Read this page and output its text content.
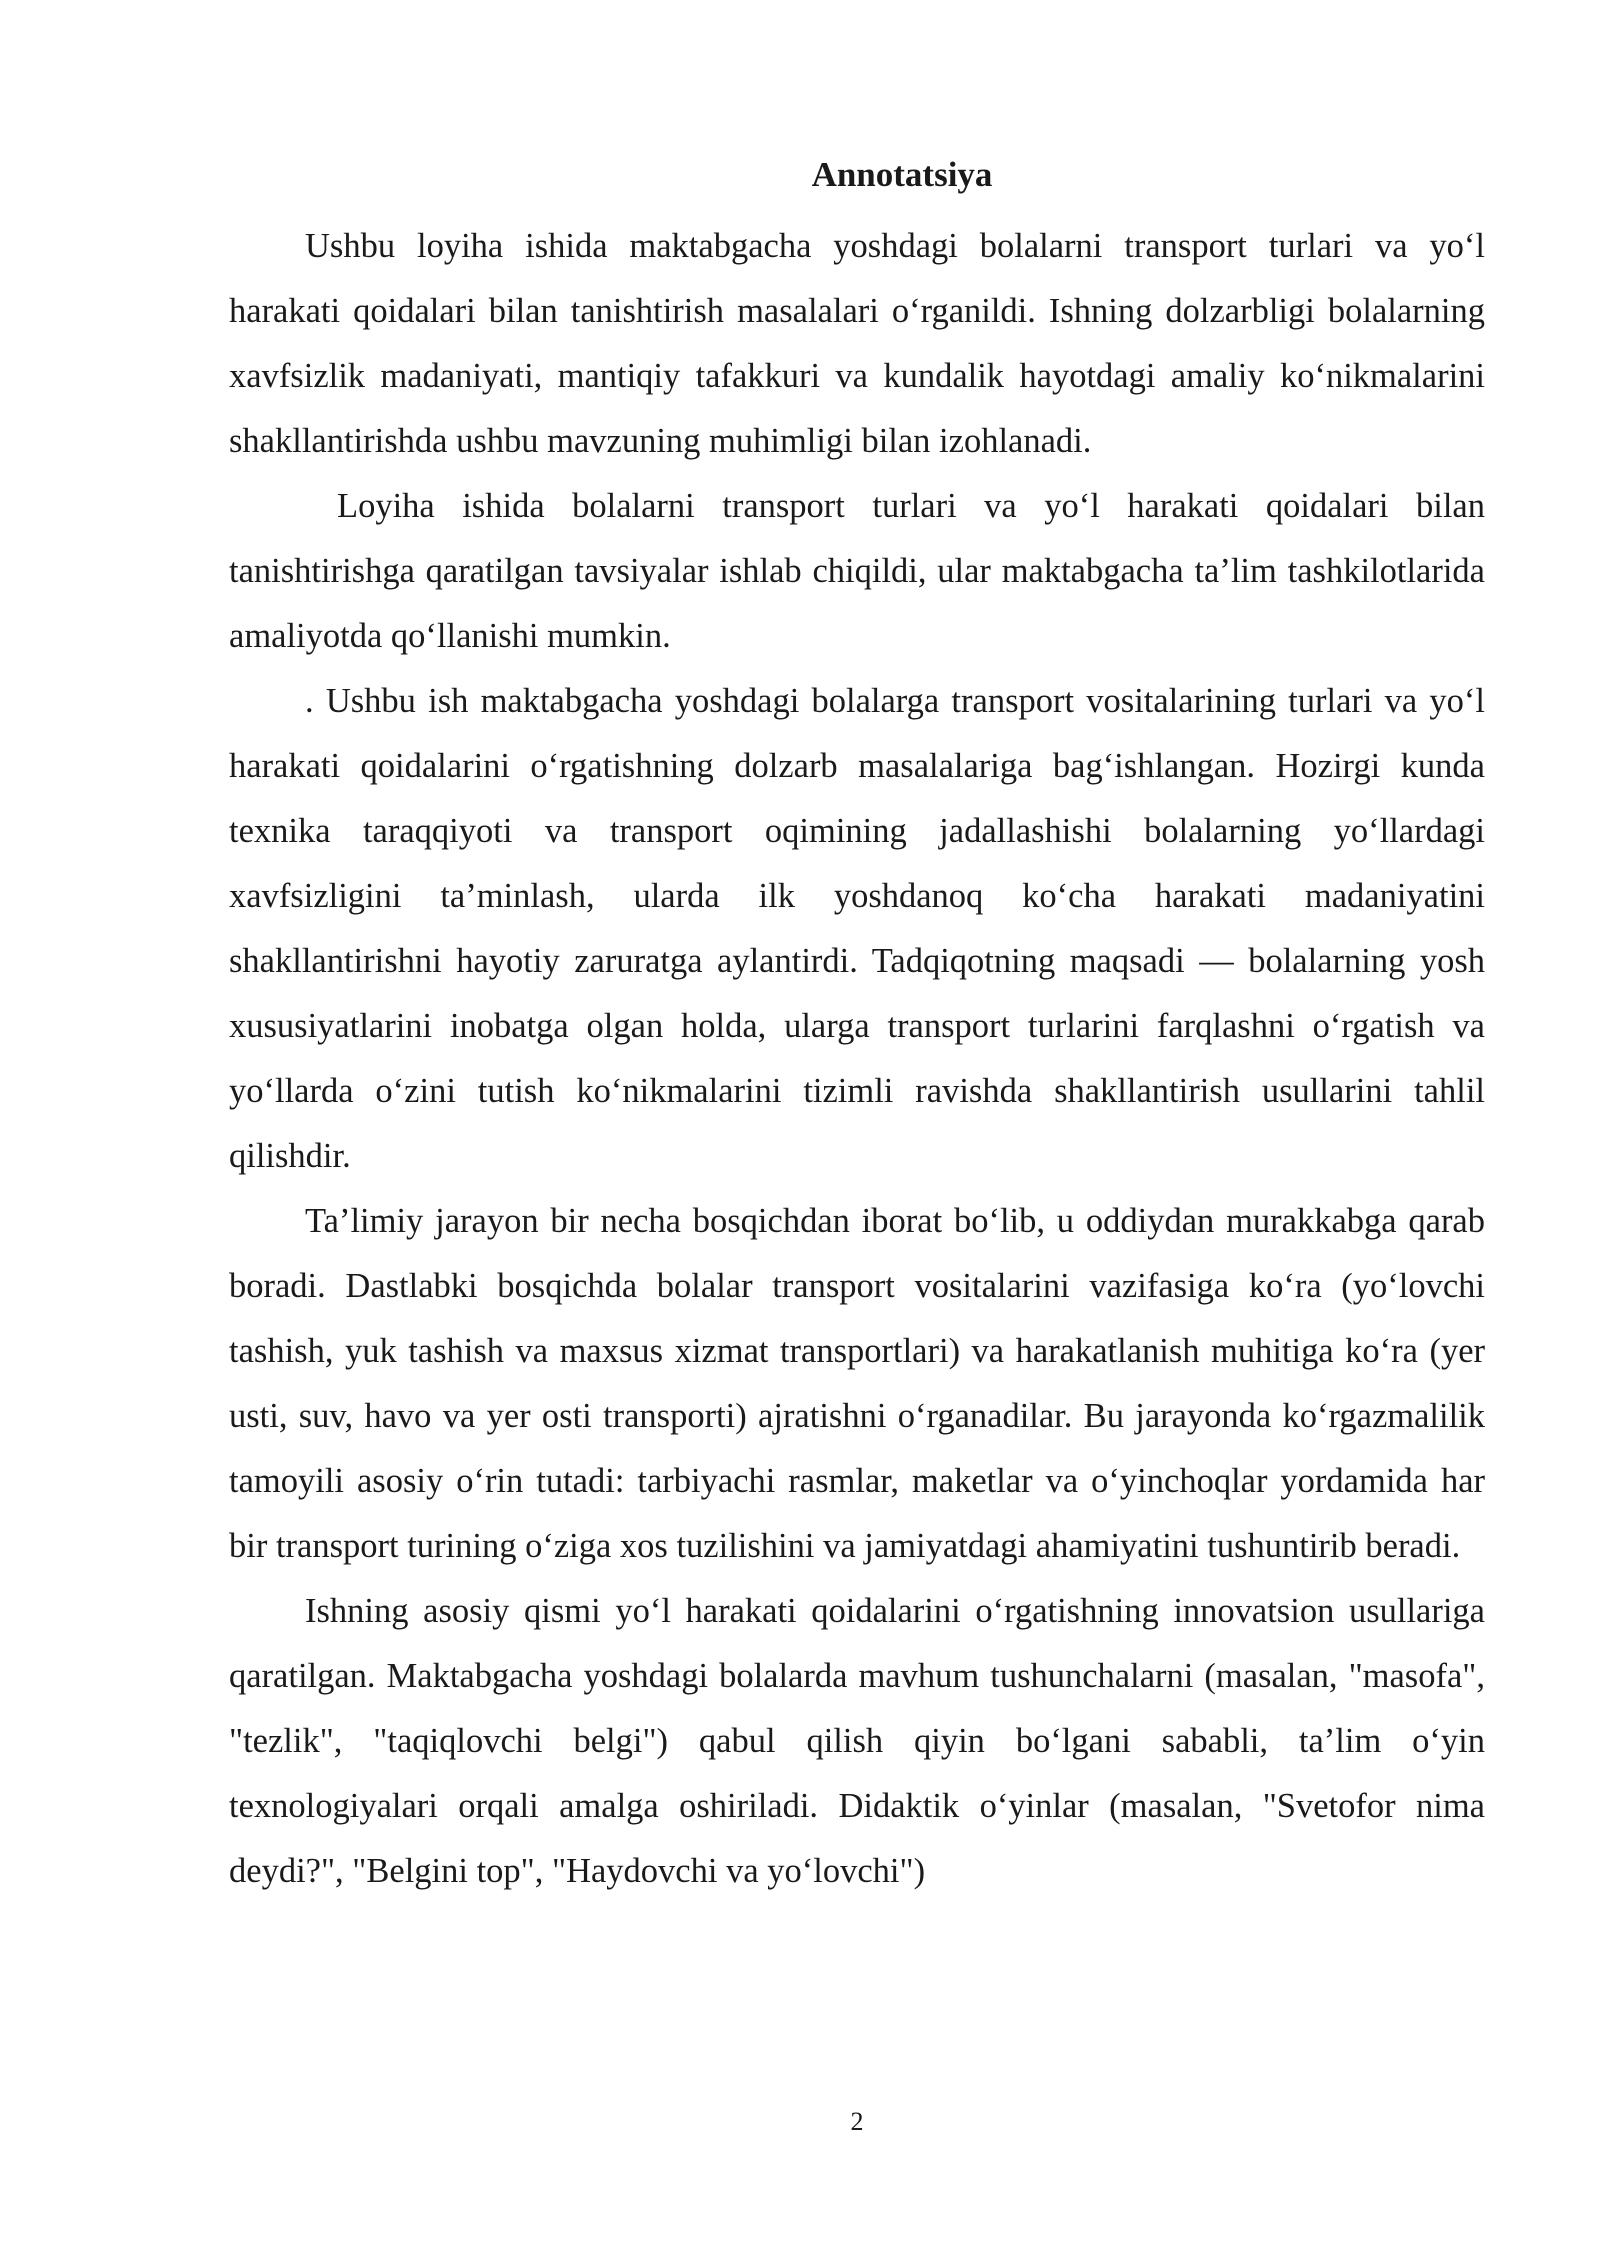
Annotatsiya

Ushbu loyiha ishida maktabgacha yoshdagi bolalarni transport turlari va yo‘l harakati qoidalari bilan tanishtirish masalalari o‘rganildi. Ishning dolzarbligi bolalarning xavfsizlik madaniyati, mantiqiy tafakkuri va kundalik hayotdagi amaliy ko‘nikmalarini shakllantirishda ushbu mavzuning muhimligi bilan izohlanadi.

Loyiha ishida bolalarni transport turlari va yo‘l harakati qoidalari bilan tanishtirishga qaratilgan tavsiyalar ishlab chiqildi, ular maktabgacha ta’lim tashkilotlarida amaliyotda qo‘llanishi mumkin.

. Ushbu ish maktabgacha yoshdagi bolalarga transport vositalarining turlari va yo‘l harakati qoidalarini o‘rgatishning dolzarb masalalariga bag‘ishlangan. Hozirgi kunda texnika taraqqiyoti va transport oqimining jadallashishi bolalarning yo‘llardagi xavfsizligini ta’minlash, ularda ilk yoshdanoq ko‘cha harakati madaniyatini shakllantirishni hayotiy zaruratga aylantirdi. Tadqiqotning maqsadi — bolalarning yosh xususiyatlarini inobatga olgan holda, ularga transport turlarini farqlashni o‘rgatish va yo‘llarda o‘zini tutish ko‘nikmalarini tizimli ravishda shakllantirish usullarini tahlil qilishdir.

Ta’limiy jarayon bir necha bosqichdan iborat bo‘lib, u oddiydan murakkabga qarab boradi. Dastlabki bosqichda bolalar transport vositalarini vazifasiga ko‘ra (yo‘lovchi tashish, yuk tashish va maxsus xizmat transportlari) va harakatlanish muhitiga ko‘ra (yer usti, suv, havo va yer osti transporti) ajratishni o‘rganadilar. Bu jarayonda ko‘rgazmalilik tamoyili asosiy o‘rin tutadi: tarbiyachi rasmlar, maketlar va o‘yinchoqlar yordamida har bir transport turining o‘ziga xos tuzilishini va jamiyatdagi ahamiyatini tushuntirib beradi.

Ishning asosiy qismi yo‘l harakati qoidalarini o‘rgatishning innovatsion usullariga qaratilgan. Maktabgacha yoshdagi bolalarda mavhum tushunchalarni (masalan, "masofa", "tezlik", "taqiqlovchi belgi") qabul qilish qiyin bo‘lgani sababli, ta’lim o‘yin texnologiyalari orqali amalga oshiriladi. Didaktik o‘yinlar (masalan, "Svetofor nima deydi?", "Belgini top", "Haydovchi va yo‘lovchi")

2
